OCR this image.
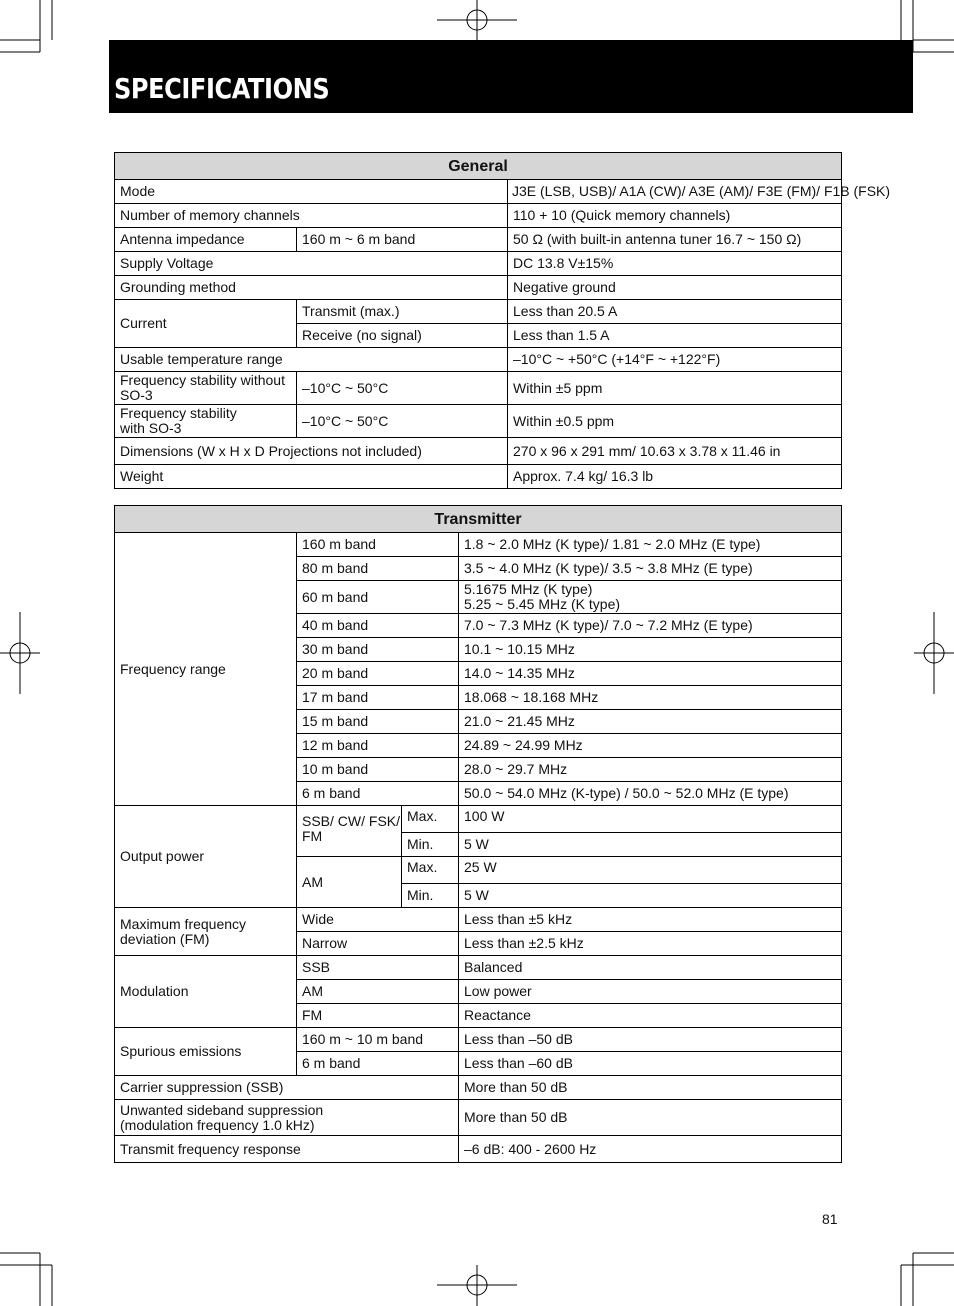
SPECIFICATIONS
General		
Mode		J3E (LSB, USB)/ A1A (CW)/ A3E (AM)/ F3E (FM)/ F1B (FSK)
Number of memory channels		110 + 10 (Quick memory channels)
Antenna impedance	160 m ~ 6 m band	50 Ω (with built-in antenna tuner 16.7 ~ 150 Ω)
Supply Voltage		DC 13.8 V±15%
Grounding method		Negative ground
Current	Transmit (max.)	Less than 20.5 A
	Receive (no signal)	Less than 1.5 A
Usable temperature range		–10°C ~ +50°C (+14°F ~ +122°F)

Frequency stability without
SO-3	–10°C ~ 50°C	Within ±5 ppm

Frequency stability
with SO-3	–10°C ~ 50°C	Within ±0.5 ppm
Dimensions (W x H x D Projections not included)		270 x 96 x 291 mm/ 10.63 x 3.78 x 11.46 in
Weight		Approx. 7.4 kg/ 16.3 lb
Transmitter			
Frequency range	160 m band		1.8 ~ 2.0 MHz (K type)/ 1.81 ~ 2.0 MHz (E type)
	80 m band		3.5 ~ 4.0 MHz (K type)/ 3.5 ~ 3.8 MHz (E type)
	60 m band		5.1675 MHz (K type)
5.25 ~ 5.45 MHz (K type)

	40 m band		7.0 ~ 7.3 MHz (K type)/ 7.0 ~ 7.2 MHz (E type)
	30 m band		10.1 ~ 10.15 MHz
	20 m band		14.0 ~ 14.35 MHz
	17 m band		18.068 ~ 18.168 MHz
	15 m band		21.0 ~ 21.45 MHz
	12 m band		24.89 ~ 24.99 MHz
	10 m band		28.0 ~ 29.7 MHz
	6 m band		50.0 ~ 54.0 MHz (K-type) / 50.0 ~ 52.0 MHz (E type)
Output power	SSB/ CW/ FSK/
FM	Max.	100 W
		Min.	5 W
	AM	Max.	25 W
		Min.	5 W

Maximum frequency
deviation (FM)	Wide		Less than ±5 kHz
	Narrow		Less than ±2.5 kHz
Modulation	SSB		Balanced
	AM		Low power
	FM		Reactance
Spurious emissions	160 m ~ 10 m band		Less than –50 dB
	6 m band		Less than –60 dB
Carrier suppression (SSB)			More than 50 dB

Unwanted sideband suppression
(modulation frequency 1.0 kHz)			More than 50 dB
Transmit frequency response			–6 dB: 400 - 2600 Hz

81
